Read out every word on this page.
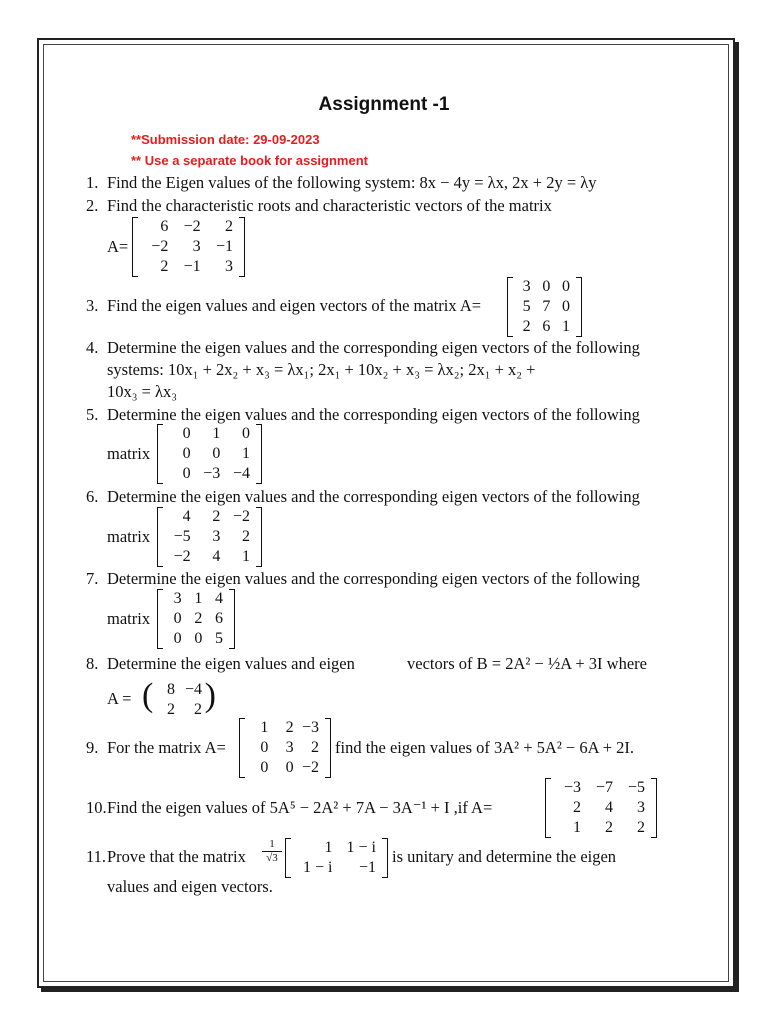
Assignment -1
**Submission date: 29-09-2023
** Use a separate book for assignment
1. Find the Eigen values of the following system: 8x − 4y = λx, 2x + 2y = λy
2. Find the characteristic roots and characteristic vectors of the matrix
A=
6 −2	2
−2	3 −1
2 −1	3
3. Find the eigen values and eigen vectors of the matrix A=
3 0 0
5 7 0
2 6 1
4. Determine the eigen values and the corresponding eigen vectors of the following
systems: 10x₁ + 2x₂ + x₃ = λx₁; 2x₁ + 10x₂ + x₃ = λx₂; 2x₁ + x₂ +
10x₃ = λx₃
5. Determine the eigen values and the corresponding eigen vectors of the following
matrix
0	1	0
0	0	1
0 −3 −4
6. Determine the eigen values and the corresponding eigen vectors of the following
matrix
4	2 −2
−5	3	2
−2	4	1
7. Determine the eigen values and the corresponding eigen vectors of the following
matrix
3 1 4
0 2 6
0 0 5
8. Determine the eigen values and eigen	vectors of B = 2A² − ½A + 3I where
A = ( )
8 −4
2	2
9. For the matrix A=
1	2 −3
0	3	2
0	0 −2
find the eigen values of 3A² + 5A² − 6A + 2I.
10. Find the eigen values of 5A⁵ − 2A² + 7A − 3A⁻¹ + I ,if A=
−3 −7 −5
2	4	3
1	2	2
11. Prove that the matrix $\frac{1}{√3}$	1 1 − i
1 − i	−1
is unitary and determine the eigen
values and eigen vectors.
